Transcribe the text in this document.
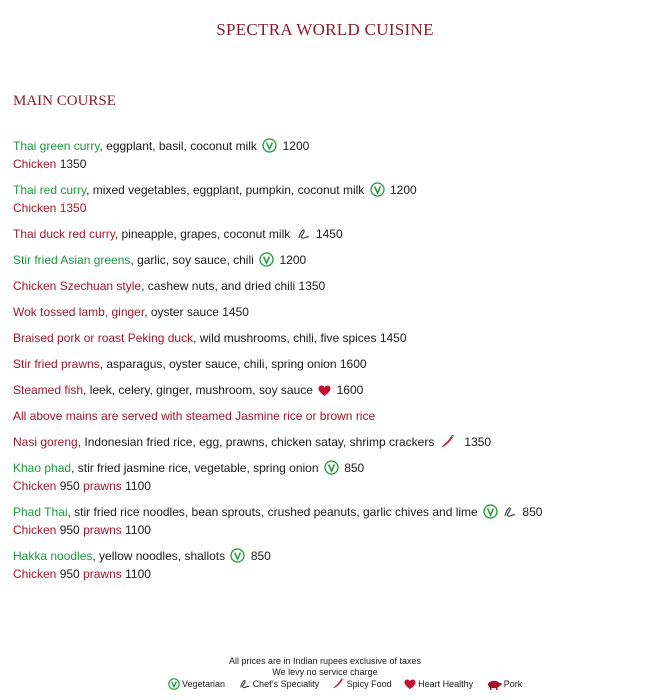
SPECTRA WORLD CUISINE
MAIN COURSE
Thai green curry, eggplant, basil, coconut milk 1200
Chicken 1350
Thai red curry, mixed vegetables, eggplant, pumpkin, coconut milk 1200
Chicken 1350
Thai duck red curry, pineapple, grapes, coconut milk 1450
Stir fried Asian greens, garlic, soy sauce, chili 1200
Chicken Szechuan style, cashew nuts, and dried chili 1350
Wok tossed lamb, ginger, oyster sauce 1450
Braised pork or roast Peking duck, wild mushrooms, chili, five spices 1450
Stir fried prawns, asparagus, oyster sauce, chili, spring onion 1600
Steamed fish, leek, celery, ginger, mushroom, soy sauce 1600
All above mains are served with steamed Jasmine rice or brown rice
Nasi goreng, Indonesian fried rice, egg, prawns, chicken satay, shrimp crackers	1350
Khao phad, stir fried jasmine rice, vegetable, spring onion 850
Chicken 950 prawns 1100
Phad Thai, stir fried rice noodles, bean sprouts, crushed peanuts, garlic chives and lime	850
Chicken 950 prawns 1100
Hakka noodles, yellow noodles, shallots 850
Chicken 950 prawns 1100
All prices are in Indian rupees exclusive of taxes
We levy no service charge
Vegetarian	Chef’s Speciality	Spicy Food	Heart Healthy	Pork
